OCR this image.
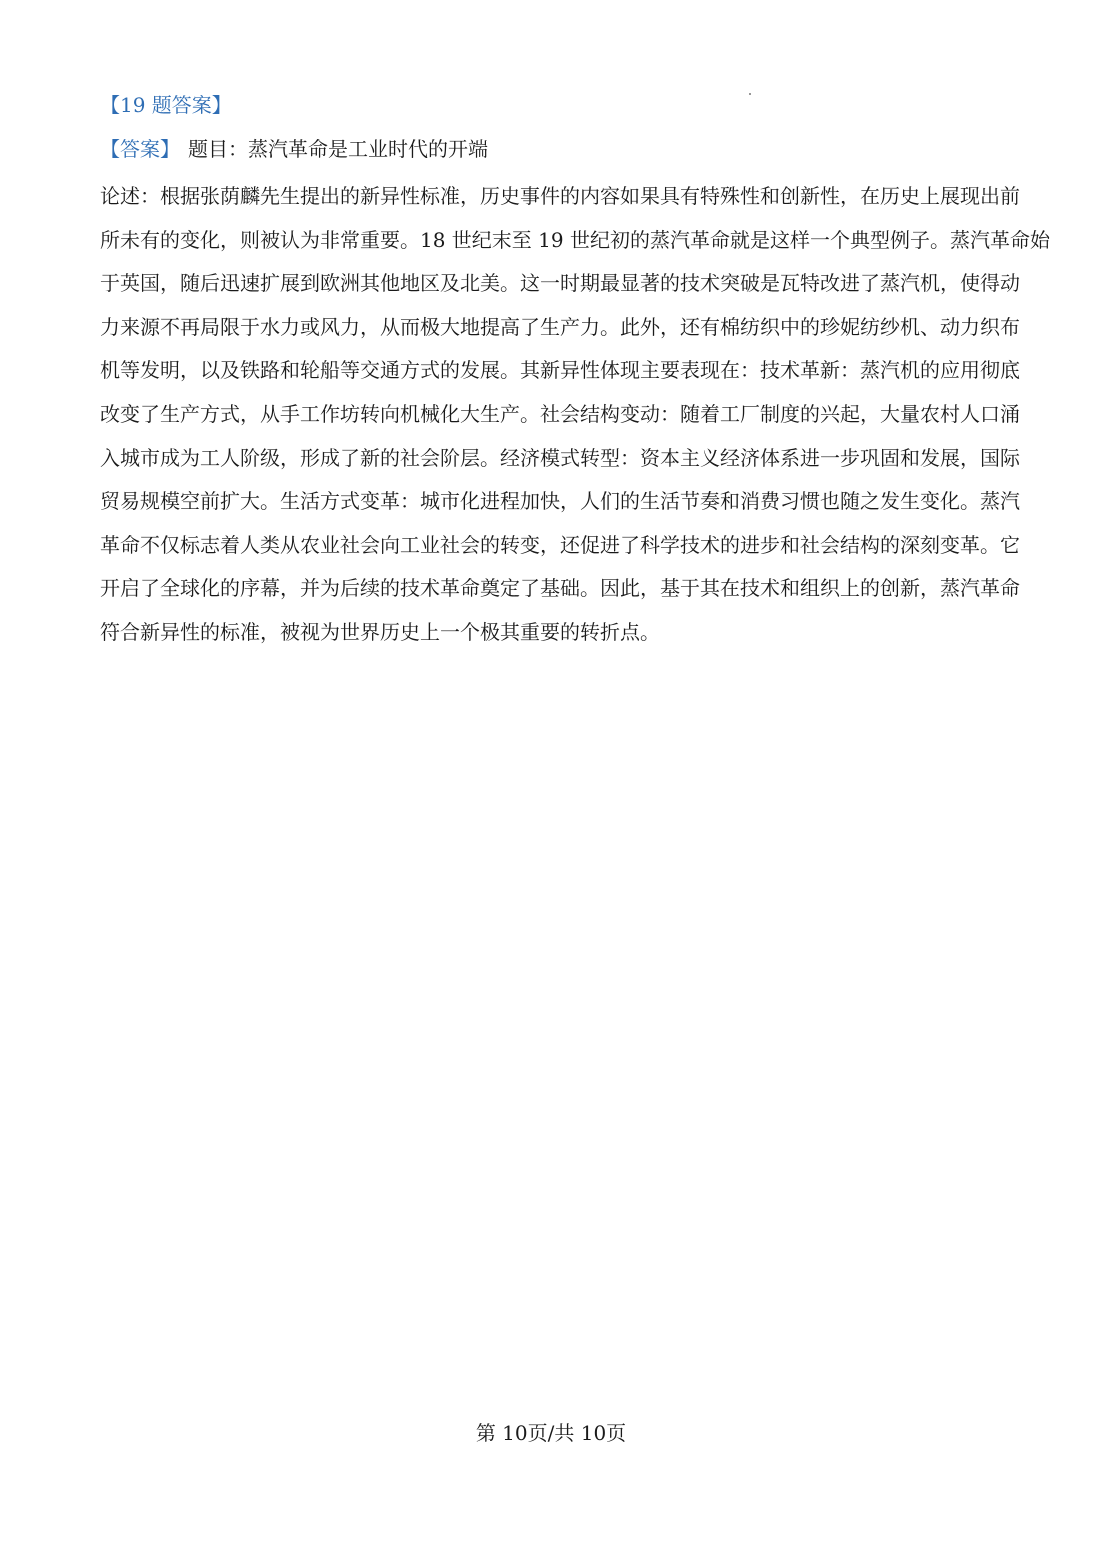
【19 题答案】
【答案】 题目：蒸汽革命是工业时代的开端
论述：根据张荫麟先生提出的新异性标准，历史事件的内容如果具有特殊性和创新性，在历史上展现出前
所未有的变化，则被认为非常重要。18 世纪末至 19 世纪初的蒸汽革命就是这样一个典型例子。蒸汽革命始
于英国，随后迅速扩展到欧洲其他地区及北美。这一时期最显著的技术突破是瓦特改进了蒸汽机，使得动
力来源不再局限于水力或风力，从而极大地提高了生产力。此外，还有棉纺织中的珍妮纺纱机、动力织布
机等发明，以及铁路和轮船等交通方式的发展。其新异性体现主要表现在：技术革新：蒸汽机的应用彻底
改变了生产方式，从手工作坊转向机械化大生产。社会结构变动：随着工厂制度的兴起，大量农村人口涌
入城市成为工人阶级，形成了新的社会阶层。经济模式转型：资本主义经济体系进一步巩固和发展，国际
贸易规模空前扩大。生活方式变革：城市化进程加快，人们的生活节奏和消费习惯也随之发生变化。蒸汽
革命不仅标志着人类从农业社会向工业社会的转变，还促进了科学技术的进步和社会结构的深刻变革。它
开启了全球化的序幕，并为后续的技术革命奠定了基础。因此，基于其在技术和组织上的创新，蒸汽革命
符合新异性的标准，被视为世界历史上一个极其重要的转折点。
第 10页/共 10页
